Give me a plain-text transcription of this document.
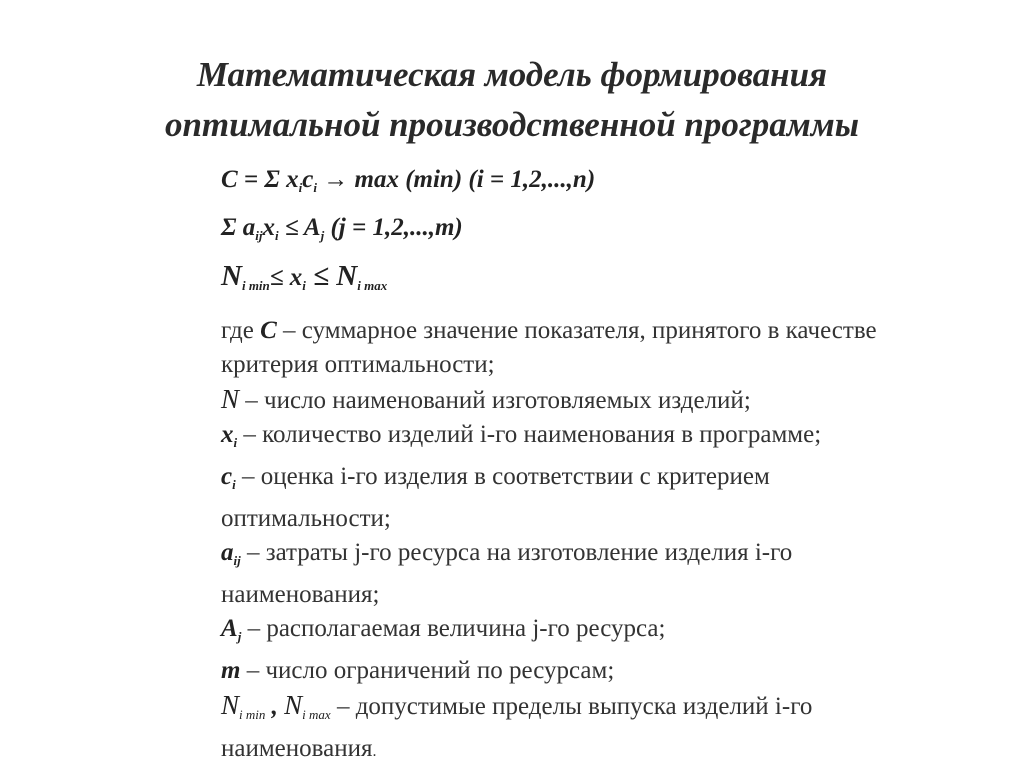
Математическая модель формирования
оптимальной производственной программы
C = Σ $x_ic_i \to \max (\min) (i = 1,2,...,n)$
Σ $a_{ij}x_i \le A_j$ (j = 1,2,...,m)
$N_{i min}\le x_i \le N_{i max}$
где C – суммарное значение показателя, принятого в качестве
критерия оптимальности;
N – число наименований изготовляемых изделий;
$x_i$ – количество изделий i-го наименования в программе;
$c_i$ – оценка i-го изделия в соответствии с критерием
оптимальности;
$a_{ij}$ – затраты j-го ресурса на изготовление изделия i-го
наименования;
$A_j$ – располагаемая величина j-го ресурса;
m – число ограничений по ресурсам;
$N_{i min}$ , $N_{i max}$ – допустимые пределы выпуска изделий i-го
наименования.
